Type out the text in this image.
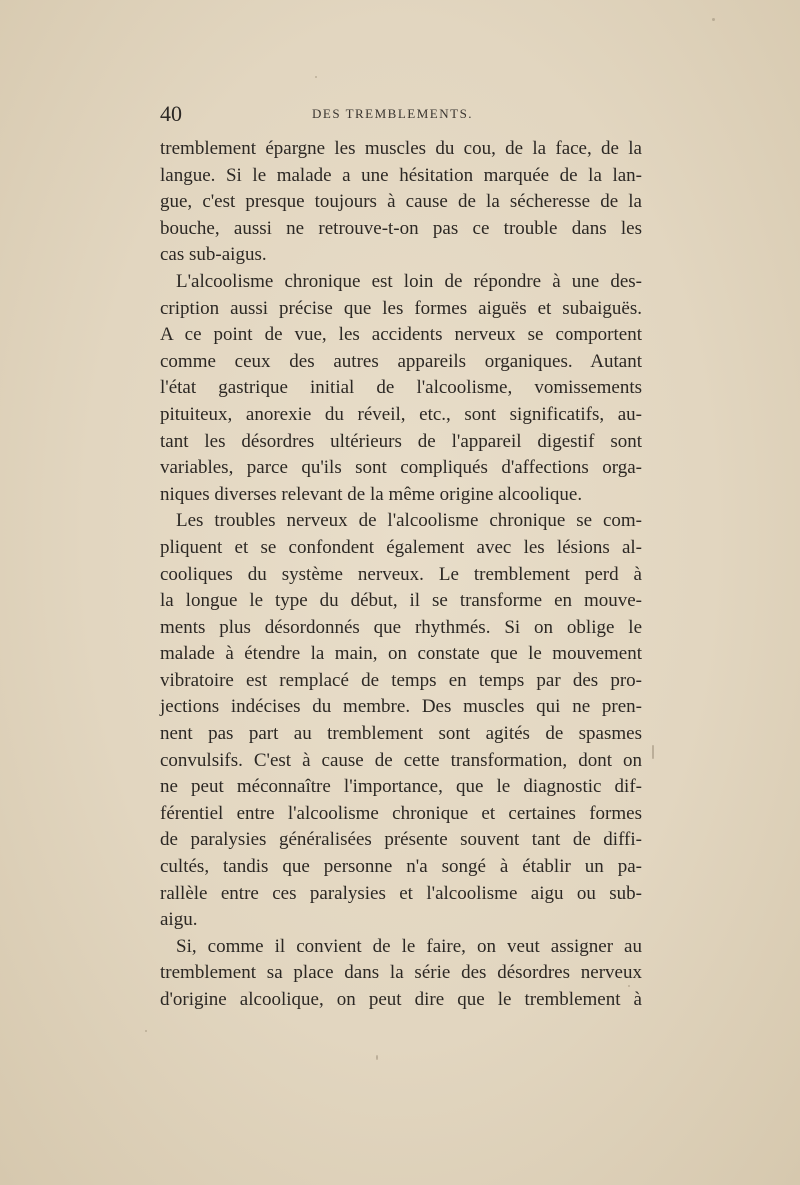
40	DES TREMBLEMENTS.
tremblement épargne les muscles du cou, de la face, de la
langue. Si le malade a une hésitation marquée de la lan-
gue, c'est presque toujours à cause de la sécheresse de la
bouche, aussi ne retrouve-t-on pas ce trouble dans les
cas sub-aigus.
L'alcoolisme chronique est loin de répondre à une des-
cription aussi précise que les formes aiguës et subaiguës.
A ce point de vue, les accidents nerveux se comportent
comme ceux des autres appareils organiques. Autant
l'état gastrique initial de l'alcoolisme, vomissements
pituiteux, anorexie du réveil, etc., sont significatifs, au-
tant les désordres ultérieurs de l'appareil digestif sont
variables, parce qu'ils sont compliqués d'affections orga-
niques diverses relevant de la même origine alcoolique.
Les troubles nerveux de l'alcoolisme chronique se com-
pliquent et se confondent également avec les lésions al-
cooliques du système nerveux. Le tremblement perd à
la longue le type du début, il se transforme en mouve-
ments plus désordonnés que rhythmés. Si on oblige le
malade à étendre la main, on constate que le mouvement
vibratoire est remplacé de temps en temps par des pro-
jections indécises du membre. Des muscles qui ne pren-
nent pas part au tremblement sont agités de spasmes
convulsifs. C'est à cause de cette transformation, dont on
ne peut méconnaître l'importance, que le diagnostic dif-
férentiel entre l'alcoolisme chronique et certaines formes
de paralysies généralisées présente souvent tant de diffi-
cultés, tandis que personne n'a songé à établir un pa-
rallèle entre ces paralysies et l'alcoolisme aigu ou sub-
aigu.
Si, comme il convient de le faire, on veut assigner au
tremblement sa place dans la série des désordres nerveux
d'origine alcoolique, on peut dire que le tremblement à
